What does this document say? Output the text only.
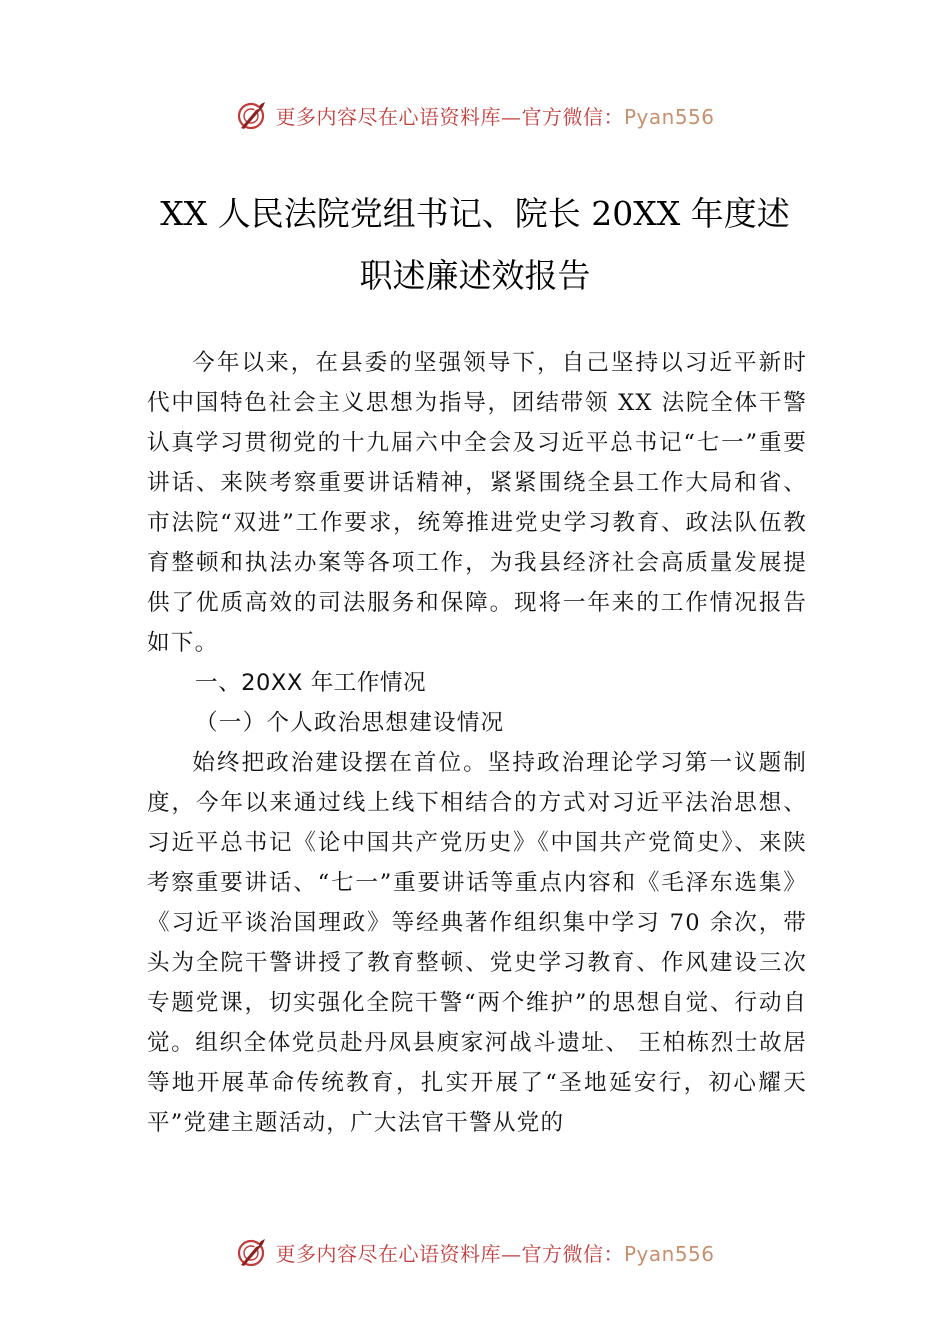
更多内容尽在心语资料库—官方微信：Pyan556
XX 人民法院党组书记、院长 20XX 年度述
职述廉述效报告

今年以来，在县委的坚强领导下，自己坚持以习近平新时代中国特色社会主义思想为指导，团结带领 XX 法院全体干警认真学习贯彻党的十九届六中全会及习近平总书记“七一”重要讲话、来陕考察重要讲话精神，紧紧围绕全县工作大局和省、市法院“双进”工作要求，统筹推进党史学习教育、政法队伍教育整顿和执法办案等各项工作，为我县经济社会高质量发展提供了优质高效的司法服务和保障。现将一年来的工作情况报告如下。

一、20XX 年工作情况

（一）个人政治思想建设情况

始终把政治建设摆在首位。坚持政治理论学习第一议题制度，今年以来通过线上线下相结合的方式对习近平法治思想、习近平总书记《论中国共产党历史》《中国共产党简史》、来陕考察重要讲话、“七一”重要讲话等重点内容和《毛泽东选集》《习近平谈治国理政》等经典著作组织集中学习 70 余次，带头为全院干警讲授了教育整顿、党史学习教育、作风建设三次专题党课，切实强化全院干警“两个维护”的思想自觉、行动自觉。组织全体党员赴丹凤县庾家河战斗遗址、 王柏栋烈士故居等地开展革命传统教育，扎实开展了“圣地延安行，初心耀天平”党建主题活动，广大法官干警从党的

更多内容尽在心语资料库—官方微信：Pyan556
